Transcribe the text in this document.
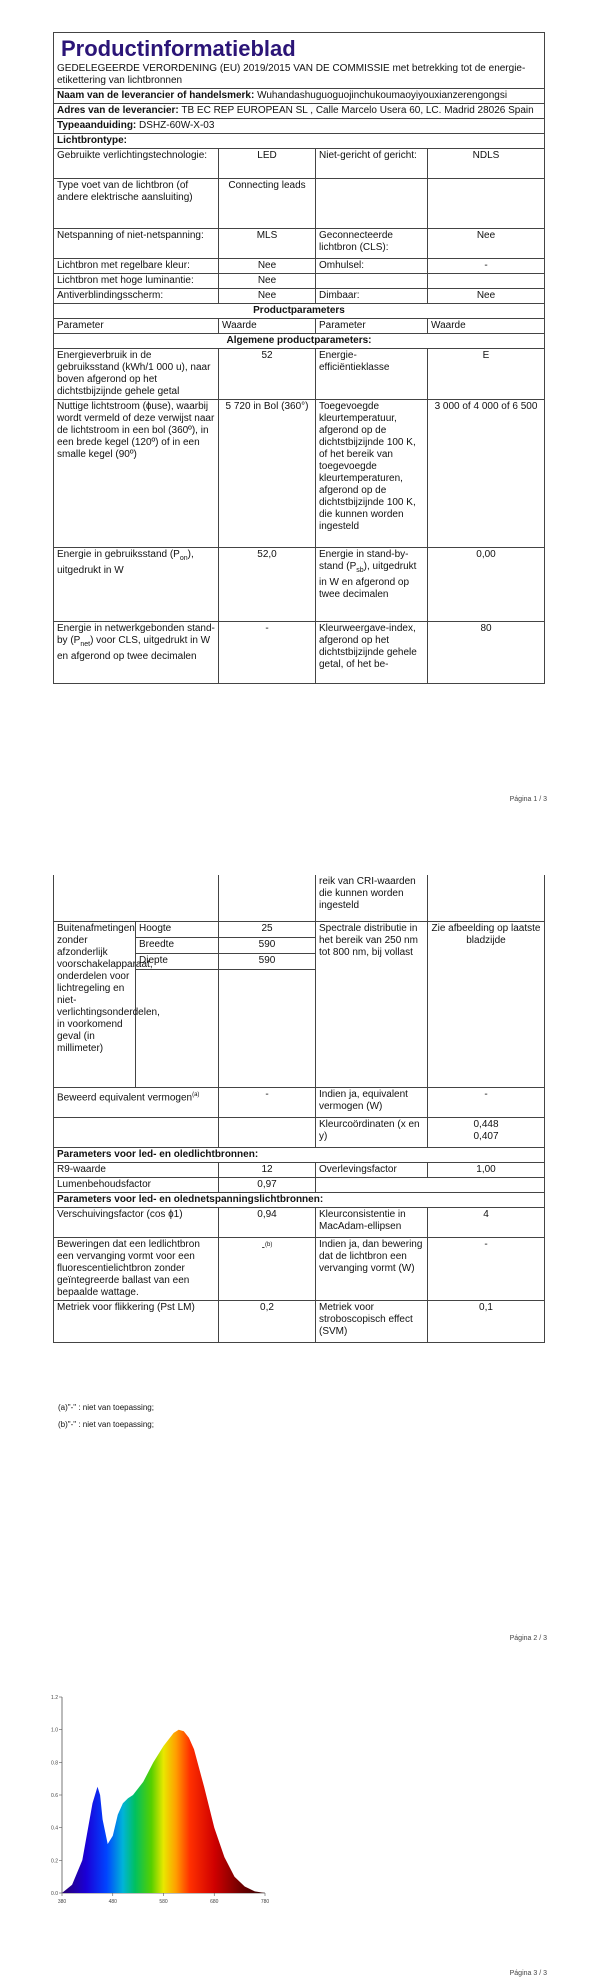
Productinformatieblad			

GEDELEGEERDE VERORDENING (EU) 2019/2015 VAN DE COMMISSIE met betrekking tot de energie-etikettering van lichtbronnen			
Naam van de leverancier of handelsmerk: Wuhandashuguoguojinchukoumaoyiyouxianzerengongsi			
Adres van de leverancier: TB EC REP EUROPEAN SL , Calle Marcelo Usera 60, LC. Madrid 28026 Spain			
Typeaanduiding: DSHZ-60W-X-03			
Lichtbrontype:			
Gebruikte verlichtingstechnologie:	LED	Niet-gericht of gericht:	NDLS
Type voet van de lichtbron (of andere elektrische aansluiting)	Connecting leads		
Netspanning of niet-netspanning:	MLS	Geconnecteerde lichtbron (CLS):	Nee
Lichtbron met regelbare kleur:	Nee	Omhulsel:	-
Lichtbron met hoge luminantie:	Nee		
Antiverblindingsscherm:	Nee	Dimbaar:	Nee
Productparameters			
Parameter	Waarde	Parameter	Waarde
Algemene productparameters:			
Energieverbruik in de gebruiksstand (kWh/1 000 u), naar boven afgerond op het dichtstbijzijnde gehele getal	52	Energie-efficiëntieklasse	E
Nuttige lichtstroom (ɸuse), waarbij wordt vermeld of deze verwijst naar de lichtstroom in een bol (360º), in een brede kegel (120º) of in een smalle kegel (90º)	5 720 in Bol (360°)	Toegevoegde kleurtemperatuur, afgerond op de dichtstbijzijnde 100 K, of het bereik van toegevoegde kleurtemperaturen, afgerond op de dichtstbijzijnde 100 K, die kunnen worden ingesteld	3 000 of 4 000 of 6 500
Energie in gebruiksstand $(P_{on})$, uitgedrukt in W	52,0	Energie in stand-by-stand $(P_{sb})$, uitgedrukt in W en afgerond op twee decimalen	0,00
Energie in netwerkgebonden stand-by $(P_{net})$ voor CLS, uitgedrukt in W en afgerond op twee decimalen	-	Kleurweergave-index, afgerond op het dichtstbijzijnde gehele getal, of het be-	80
Página 1 / 3
			reik van CRI-waarden die kunnen worden ingesteld	
Buitenafmetingen zonder afzonderlijk voorschakelapparaat, onderdelen voor lichtregeling en niet-verlichtingsonderdelen, in voorkomend geval (in millimeter)	Hoogte	25	Spectrale distributie in het bereik van 250 nm tot 800 nm, bij vollast	Zie afbeelding op laatste bladzijde
	Breedte	590		
	Diepte	590		

Beweerd equivalent vermogen$^{(a)}$		-	Indien ja, equivalent vermogen (W)	-
			Kleurcoördinaten (x en y)	0,448
0,407

Parameters voor led- en oledlichtbronnen:				
R9-waarde		12	Overlevingsfactor	1,00
Lumenbehoudsfactor		0,97		
Parameters voor led- en olednetspanningslichtbronnen:				
Verschuivingsfactor (cos ɸ1)		0,94	Kleurconsistentie in MacAdam-ellipsen	4
Beweringen dat een ledlichtbron een vervanging vormt voor een fluorescentielichtbron zonder geïntegreerde ballast van een bepaalde wattage.		-$^{(b)}$	Indien ja, dan bewering dat de lichtbron een vervanging vormt (W)	-
Metriek voor flikkering (Pst LM)		0,2	Metriek voor stroboscopisch effect (SVM)	0,1
(a)"-" : niet van toepassing;
(b)"-" : niet van toepassing;
Página 2 / 3
0.0
0.2
0.4
0.6
0.8
1.0
1.2
380	480	580	680	780
Página 3 / 3
